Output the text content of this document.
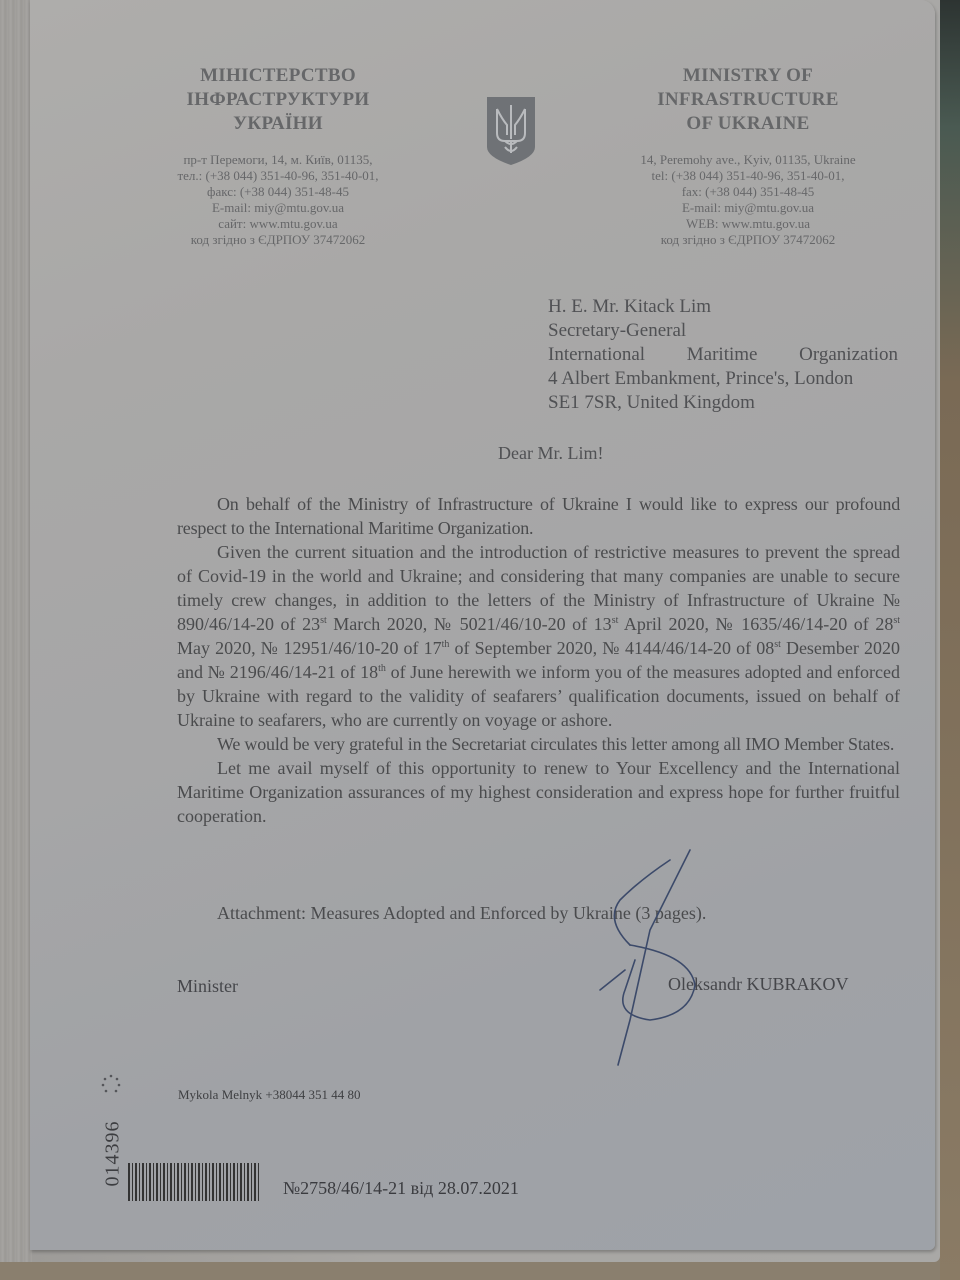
МІНІСТЕРСТВО
ІНФРАСТРУКТУРИ
УКРАЇНИ
пр-т Перемоги, 14, м. Київ, 01135,
тел.: (+38 044) 351-40-96, 351-40-01,
факс: (+38 044) 351-48-45
E-mail: miy@mtu.gov.ua
сайт: www.mtu.gov.ua
код згідно з ЄДРПОУ 37472062
MINISTRY OF
INFRASTRUCTURE
OF UKRAINE
14, Peremohy ave., Kyiv, 01135, Ukraine
tel: (+38 044) 351-40-96, 351-40-01,
fax: (+38 044) 351-48-45
E-mail: miy@mtu.gov.ua
WEB: www.mtu.gov.ua
код згідно з ЄДРПОУ 37472062
H. E. Mr. Kitack Lim
Secretary-General
International Maritime Organization
4 Albert Embankment, Prince's, London
SE1 7SR, United Kingdom
Dear Mr. Lim!

On behalf of the Ministry of Infrastructure of Ukraine I would like to express our profound respect to the International Maritime Organization.

Given the current situation and the introduction of restrictive measures to prevent the spread of Covid-19 in the world and Ukraine; and considering that many companies are unable to secure timely crew changes, in addition to the letters of the Ministry of Infrastructure of Ukraine № 890/46/14-20 of 23st March 2020, № 5021/46/10-20 of 13st April 2020, № 1635/46/14-20 of 28st May 2020, № 12951/46/10-20 of 17th of September 2020, № 4144/46/14-20 of 08st Desember 2020 and № 2196/46/14-21 of 18th of June herewith we inform you of the measures adopted and enforced by Ukraine with regard to the validity of seafarers’ qualification documents, issued on behalf of Ukraine to seafarers, who are currently on voyage or ashore.

We would be very grateful in the Secretariat circulates this letter among all IMO Member States.

Let me avail myself of this opportunity to renew to Your Excellency and the International Maritime Organization assurances of my highest consideration and express hope for further fruitful cooperation.

Attachment: Measures Adopted and Enforced by Ukraine (3 pages).
Minister	Oleksandr KUBRAKOV
Mykola Melnyk +38044 351 44 80
014396
№2758/46/14-21 від 28.07.2021
